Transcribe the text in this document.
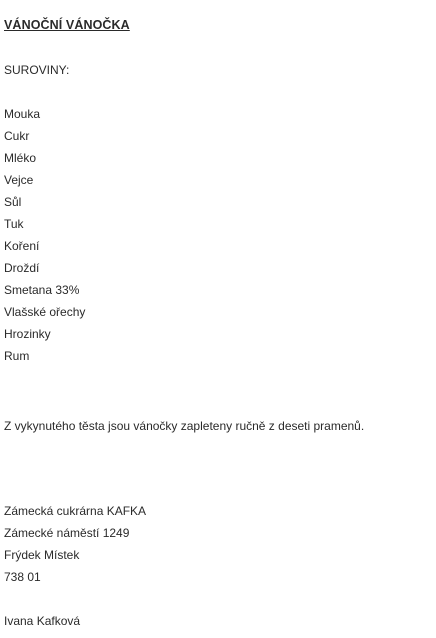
VÁNOČNÍ VÁNOČKA
SUROVINY:
Mouka
Cukr
Mléko
Vejce
Sůl
Tuk
Koření
Droždí
Smetana 33%
Vlašské ořechy
Hrozinky
Rum
Z vykynutého těsta jsou vánočky zapleteny ručně z deseti pramenů.
Zámecká cukrárna KAFKA
Zámecké náměstí 1249
Frýdek Místek
738 01
Ivana Kafková
